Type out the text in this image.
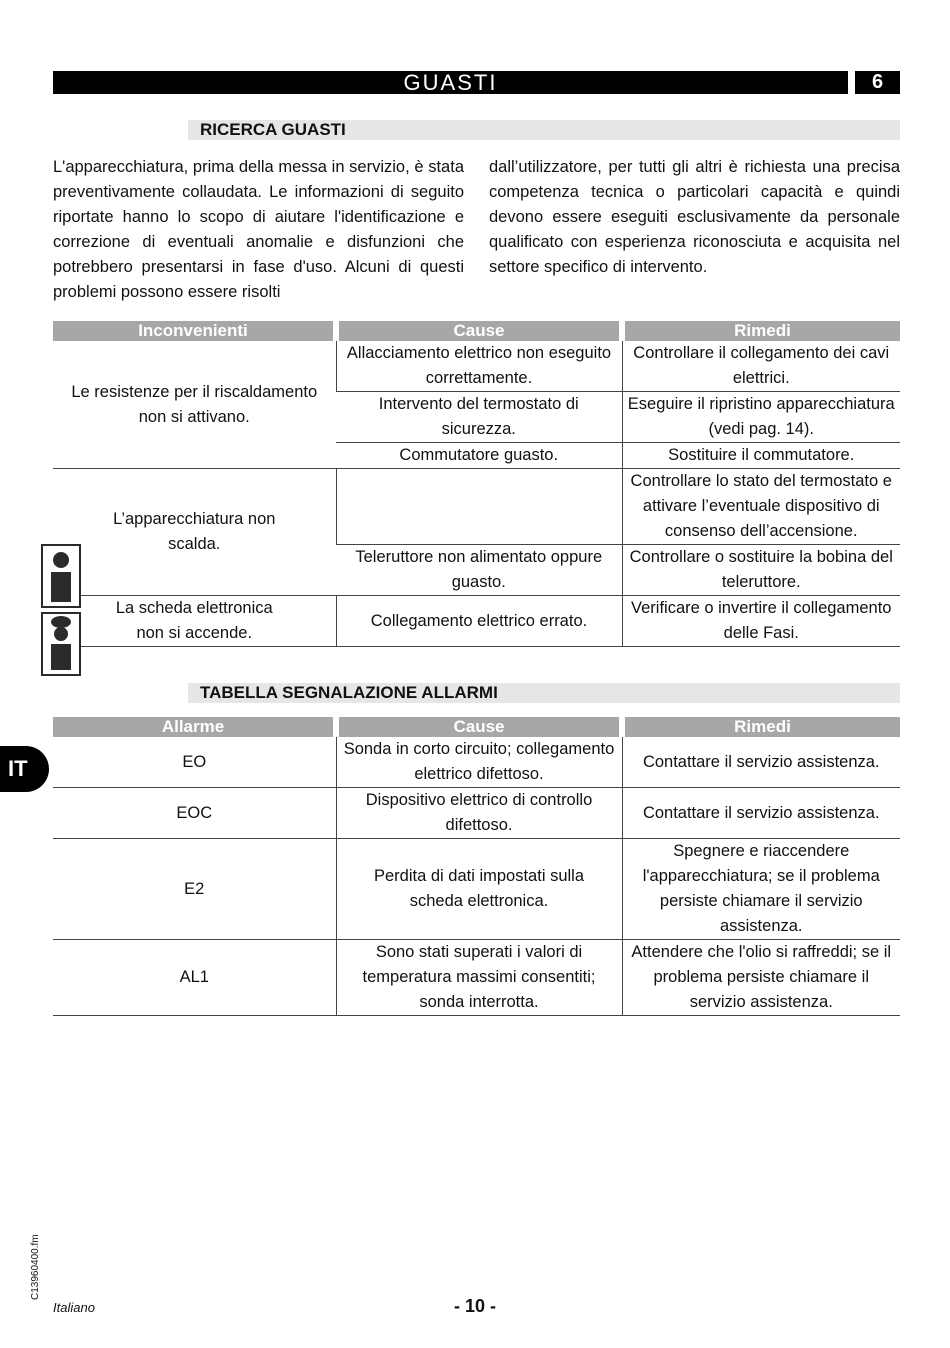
GUASTI	6
RICERCA GUASTI
L'apparecchiatura, prima della messa in servizio, è stata preventivamente collaudata. Le informazioni di seguito riportate hanno lo scopo di aiutare l'identificazione e correzione di eventuali anomalie e disfunzioni che potrebbero presentarsi in fase d'uso. Alcuni di questi problemi possono essere risolti
dall’utilizzatore, per tutti gli altri è richiesta una precisa competenza tecnica o particolari capacità e quindi devono essere eseguiti esclusivamente da personale qualificato con esperienza riconosciuta e acquisita nel settore specifico di intervento.
Inconvenienti	Cause	Rimedi
Le resistenze per il riscaldamento non si attivano.	Allacciamento elettrico non eseguito correttamente.	Controllare il collegamento dei cavi elettrici.
	Intervento del termostato di sicurezza.	Eseguire il ripristino apparecchiatura (vedi pag. 14).
	Commutatore guasto.	Sostituire il commutatore.
L’apparecchiatura non scalda.		Controllare lo stato del termostato e attivare l’eventuale dispositivo di consenso dell’accensione.
	Teleruttore non alimentato oppure guasto.	Controllare o sostituire la bobina del teleruttore.
La scheda elettronica non si accende.	Collegamento elettrico errato.	Verificare o invertire il collegamento delle Fasi.
TABELLA SEGNALAZIONE ALLARMI
Allarme	Cause	Rimedi
EO	Sonda in corto circuito; collegamento elettrico difettoso.	Contattare il servizio assistenza.
EOC	Dispositivo elettrico di controllo difettoso.	Contattare il servizio assistenza.
E2	Perdita di dati impostati sulla scheda elettronica.	Spegnere e riaccendere l'apparecchiatura; se il problema persiste chiamare il servizio assistenza.
AL1	Sono stati superati i valori di temperatura massimi consentiti; sonda interrotta.	Attendere che l'olio si raffreddi; se il problema persiste chiamare il servizio assistenza.
IT
C13960400.fm
Italiano	- 10 -
